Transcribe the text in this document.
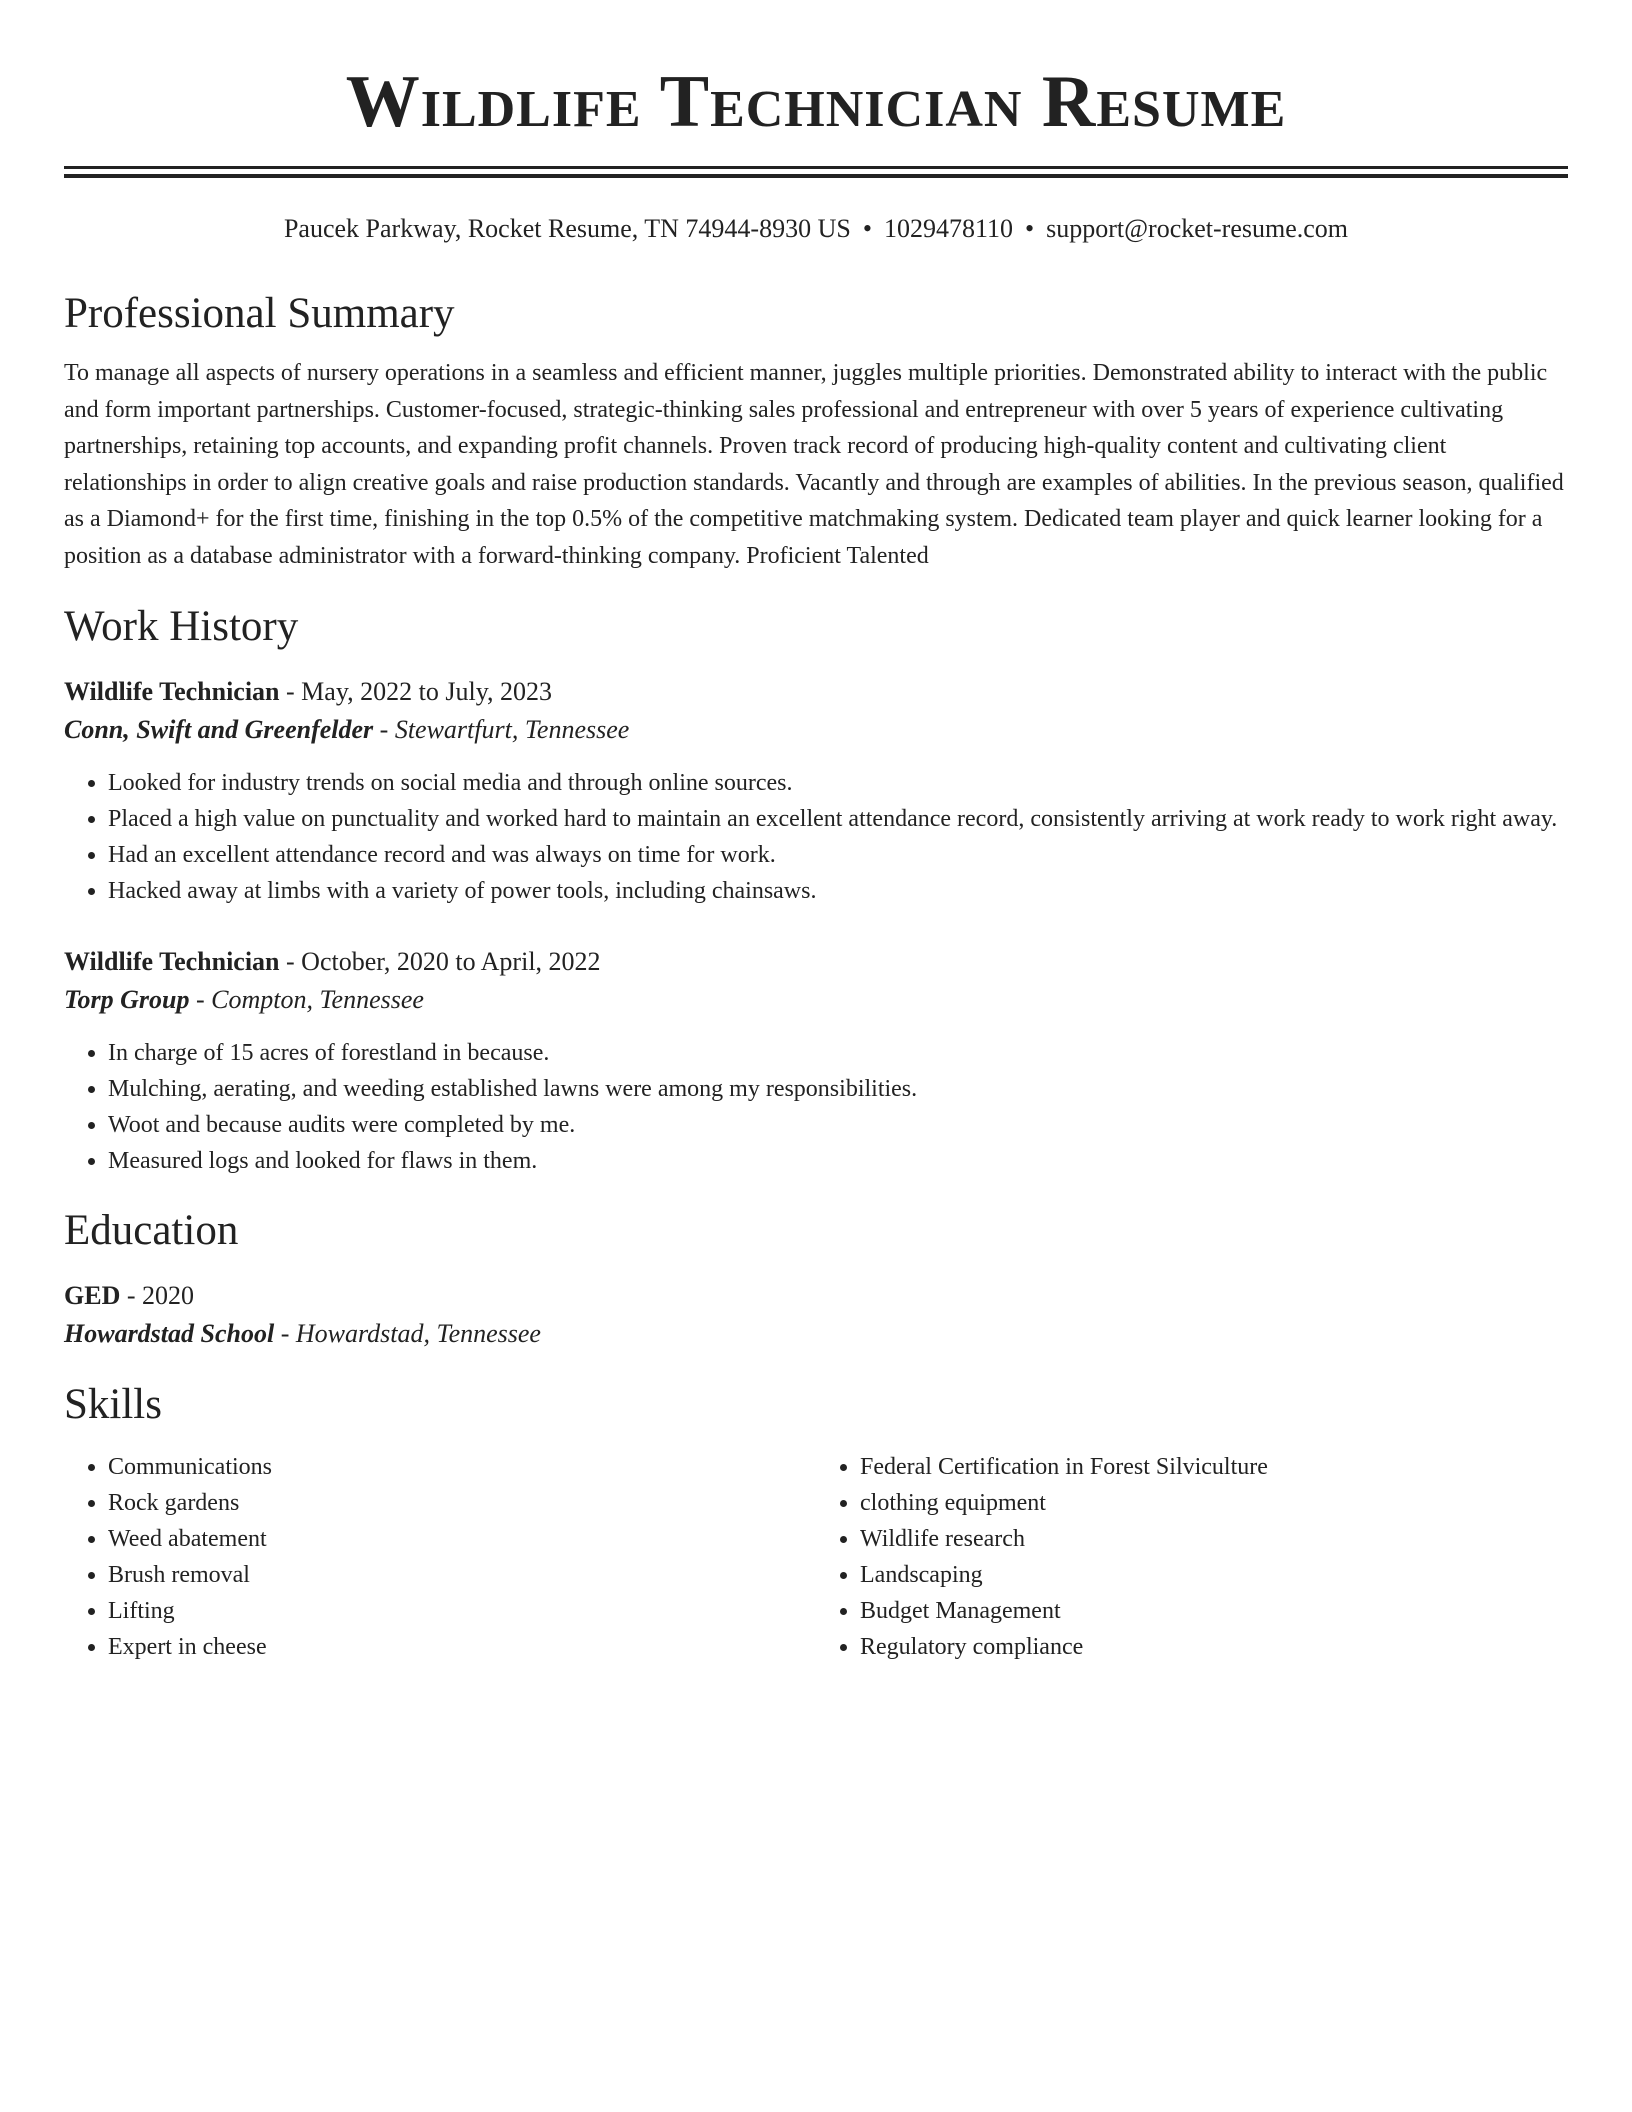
Wildlife Technician Resume
Paucek Parkway, Rocket Resume, TN 74944-8930 US • 1029478110 • support@rocket-resume.com
Professional Summary

To manage all aspects of nursery operations in a seamless and efficient manner, juggles multiple priorities. Demonstrated ability to interact with the public and form important partnerships. Customer-focused, strategic-thinking sales professional and entrepreneur with over 5 years of experience cultivating partnerships, retaining top accounts, and expanding profit channels. Proven track record of producing high-quality content and cultivating client relationships in order to align creative goals and raise production standards. Vacantly and through are examples of abilities. In the previous season, qualified as a Diamond+ for the first time, finishing in the top 0.5% of the competitive matchmaking system. Dedicated team player and quick learner looking for a position as a database administrator with a forward-thinking company. Proficient Talented

Work History
Wildlife Technician - May, 2022 to July, 2023
Conn, Swift and Greenfelder - Stewartfurt, Tennessee
• Looked for industry trends on social media and through online sources.
• Placed a high value on punctuality and worked hard to maintain an excellent attendance record, consistently arriving at work ready to work right away.
• Had an excellent attendance record and was always on time for work.
• Hacked away at limbs with a variety of power tools, including chainsaws.
Wildlife Technician - October, 2020 to April, 2022
Torp Group - Compton, Tennessee
• In charge of 15 acres of forestland in because.
• Mulching, aerating, and weeding established lawns were among my responsibilities.
• Woot and because audits were completed by me.
• Measured logs and looked for flaws in them.
Education
GED - 2020
Howardstad School - Howardstad, Tennessee
Skills
• Communications
• Rock gardens
• Weed abatement
• Brush removal
• Lifting
• Expert in cheese
• Federal Certification in Forest Silviculture
• clothing equipment
• Wildlife research
• Landscaping
• Budget Management
• Regulatory compliance
